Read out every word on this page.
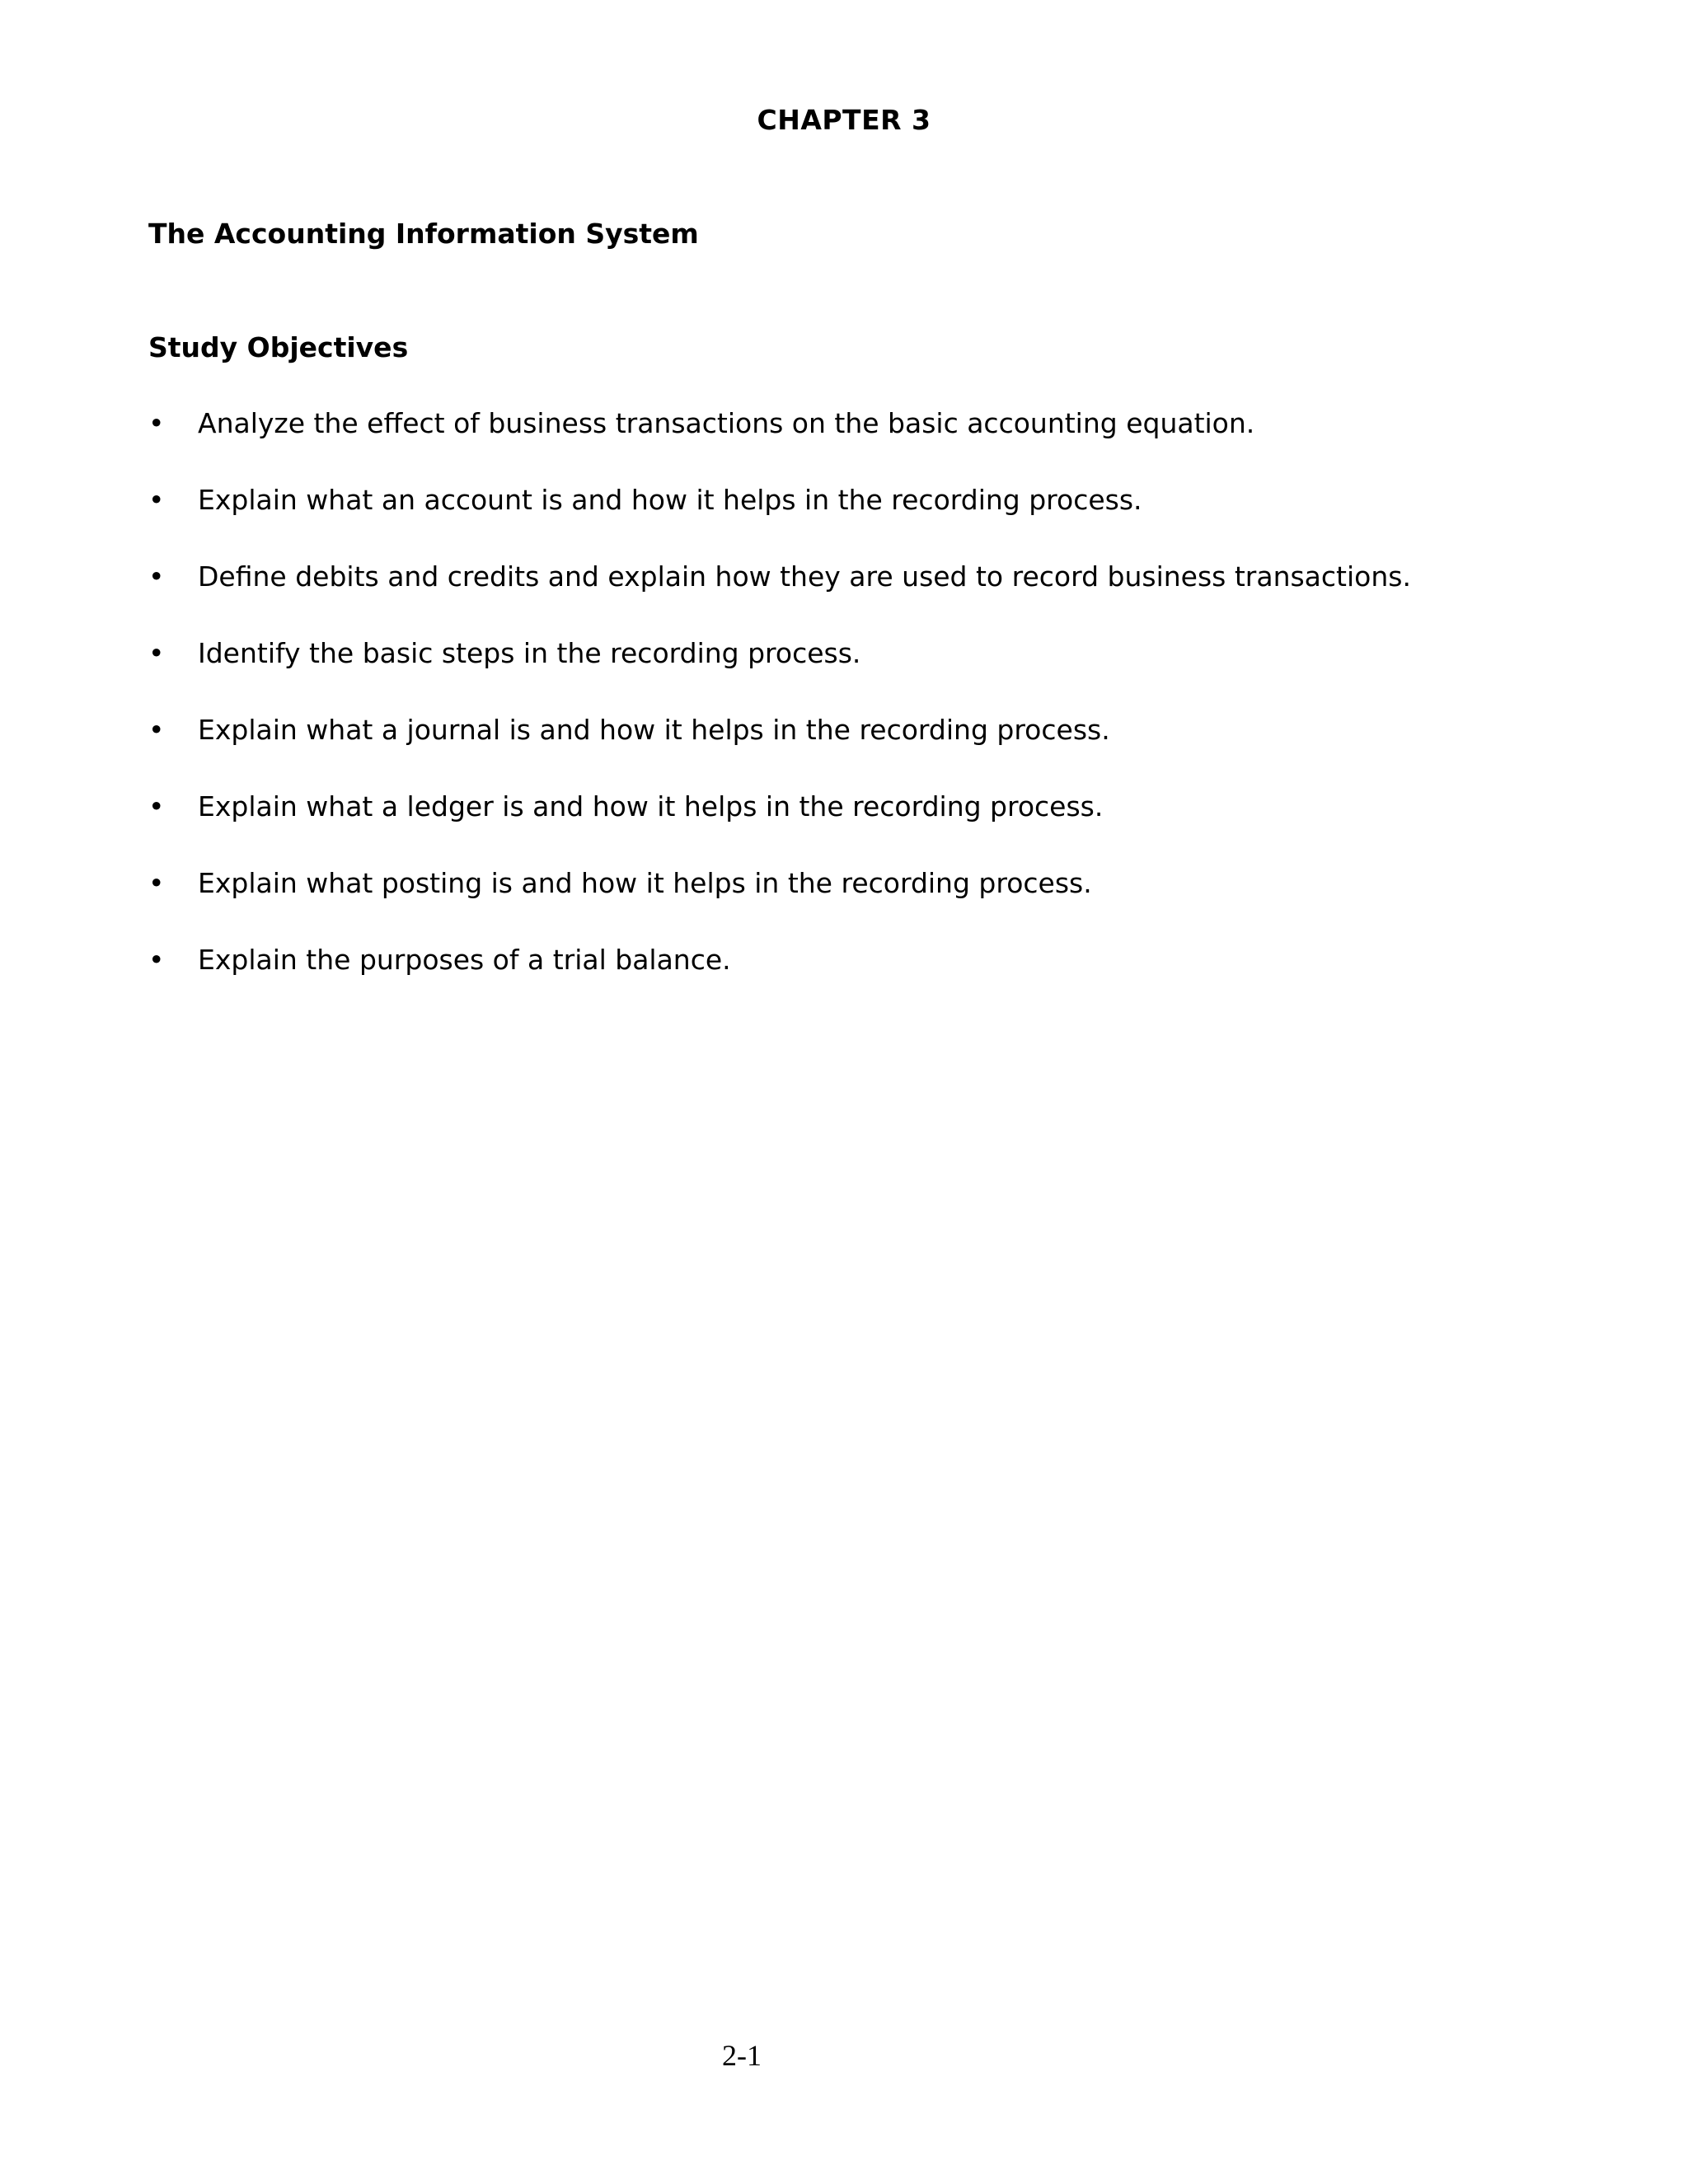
CHAPTER 3
The Accounting Information System
Study Objectives
•	Analyze the effect of business transactions on the basic accounting equation.
•	Explain what an account is and how it helps in the recording process.
•	Define debits and credits and explain how they are used to record business transactions.
•	Identify the basic steps in the recording process.
•	Explain what a journal is and how it helps in the recording process.
•	Explain what a ledger is and how it helps in the recording process.
•	Explain what posting is and how it helps in the recording process.
•	Explain the purposes of a trial balance.
2-1
